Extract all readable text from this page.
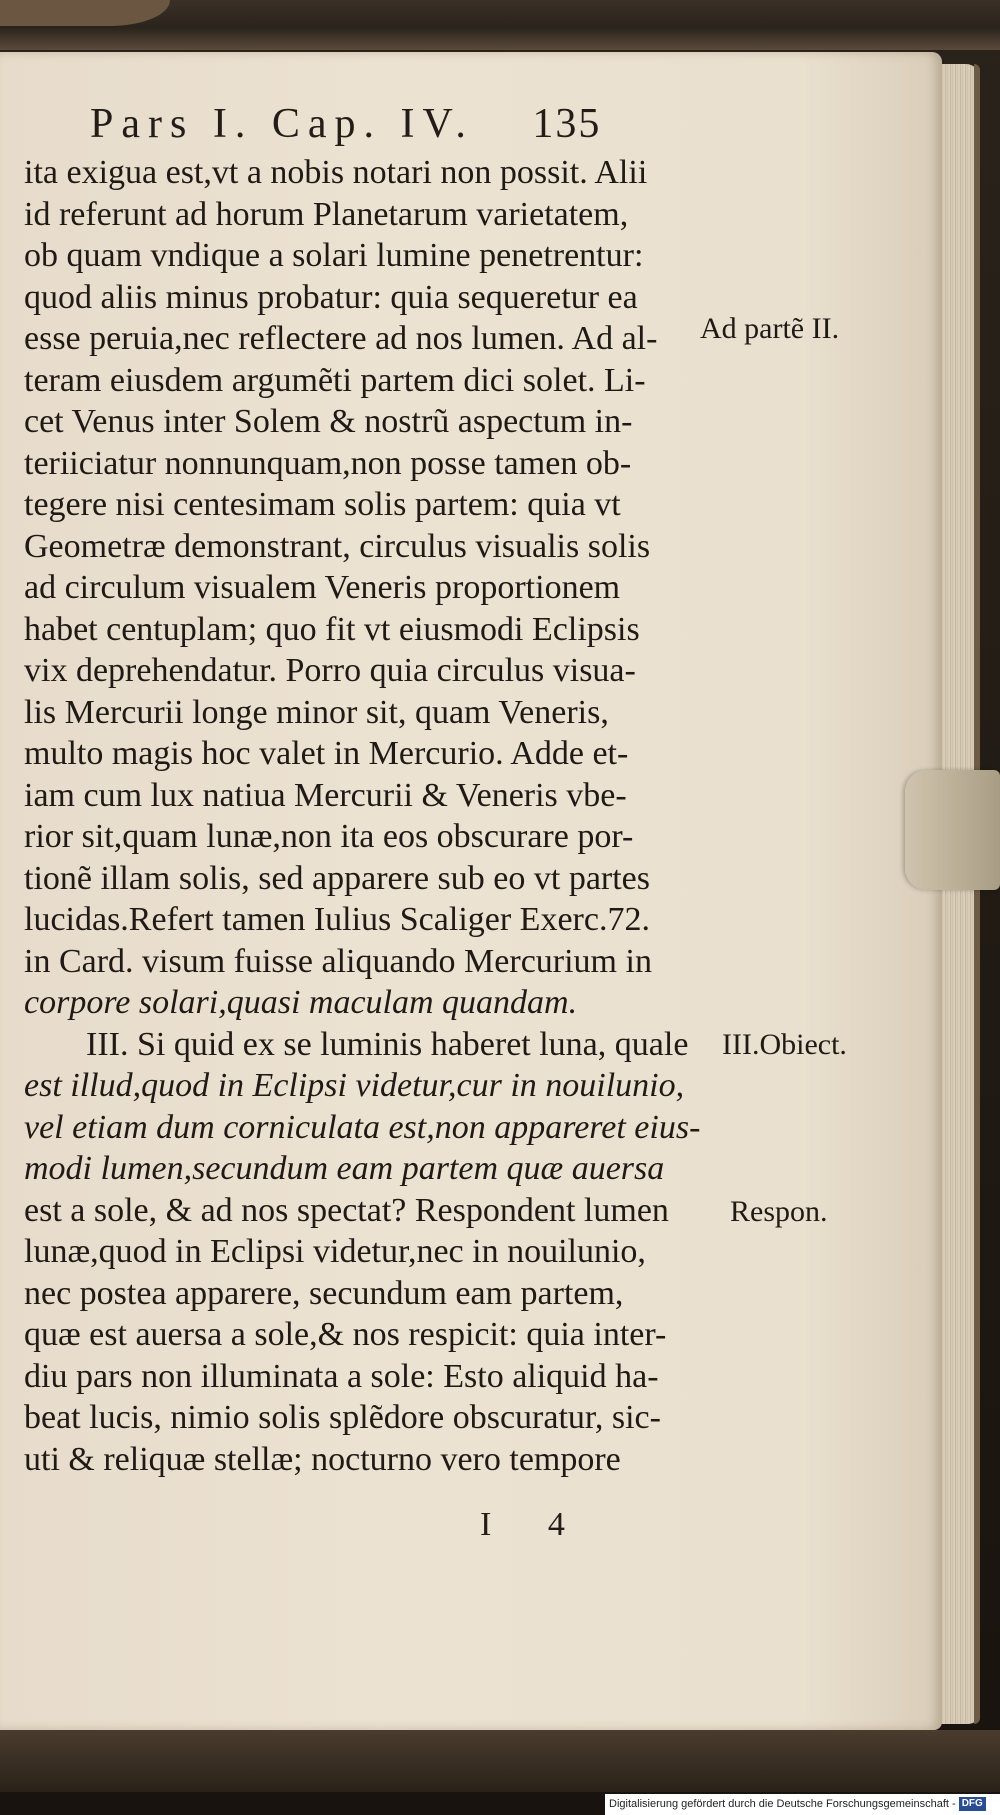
Pars I. Cap. IV. 135
ita exigua est,vt a nobis notari non possit. Alii
id referunt ad horum Planetarum varietatem,
ob quam vndique a solari lumine penetrentur:
quod aliis minus probatur: quia sequeretur ea
esse peruia,nec reflectere ad nos lumen. Ad al-
teram eiusdem argumẽti partem dici solet. Li-
cet Venus inter Solem & nostrũ aspectum in-
teriiciatur nonnunquam,non posse tamen ob-
tegere nisi centesimam solis partem: quia vt
Geometræ demonstrant, circulus visualis solis
ad circulum visualem Veneris proportionem
habet centuplam; quo fit vt eiusmodi Eclipsis
vix deprehendatur. Porro quia circulus visua-
lis Mercurii longe minor sit, quam Veneris,
multo magis hoc valet in Mercurio. Adde et-
iam cum lux natiua Mercurii & Veneris vbe-
rior sit,quam lunæ,non ita eos obscurare por-
tionẽ illam solis, sed apparere sub eo vt partes
lucidas.Refert tamen Iulius Scaliger Exerc.72.
in Card. visum fuisse aliquando Mercurium in
corpore solari,quasi maculam quandam.
III. Si quid ex se luminis haberet luna, quale
est illud,quod in Eclipsi videtur,cur in nouilunio,
vel etiam dum corniculata est,non appareret eius-
modi lumen,secundum eam partem quæ auersa
est a sole, & ad nos spectat? Respondent lumen
lunæ,quod in Eclipsi videtur,nec in nouilunio,
nec postea apparere, secundum eam partem,
quæ est auersa a sole,& nos respicit: quia inter-
diu pars non illuminata a sole: Esto aliquid ha-
beat lucis, nimio solis splẽdore obscuratur, sic-
uti & reliquæ stellæ; nocturno vero tempore
Ad partẽ II.
III.Obiect.
Respon.
I 4
Digitalisierung gefördert durch die Deutsche Forschungsgemeinschaft - DFG
